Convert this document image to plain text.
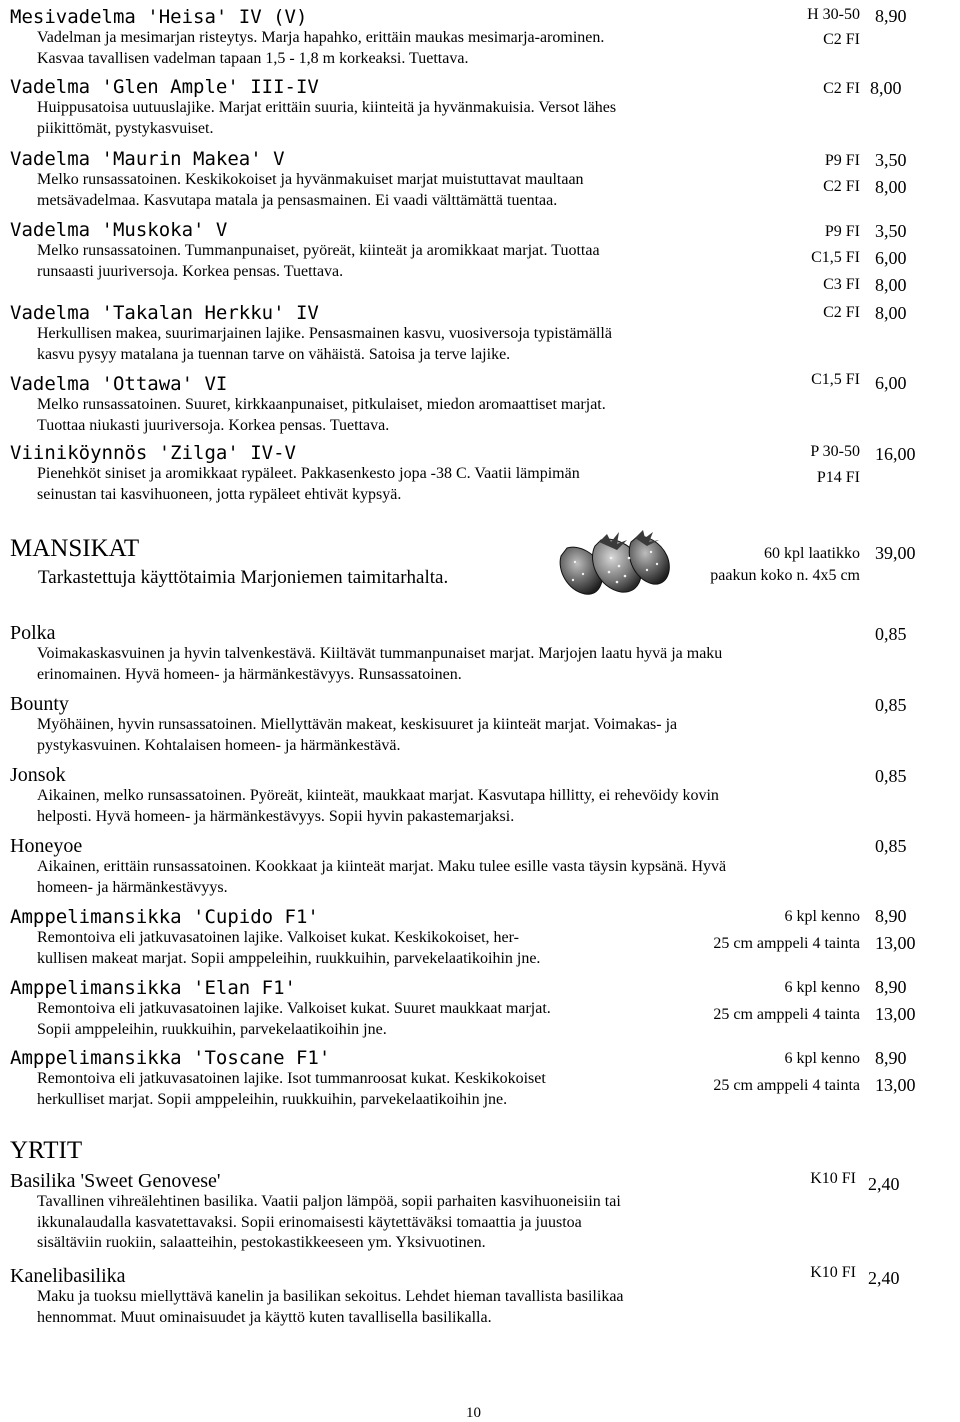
Mesivadelma 'Heisa' IV (V)
Vadelman ja mesimarjan risteytys. Marja hapahko, erittäin maukas mesimarja-arominen.
Kasvaa tavallisen vadelman tapaan 1,5 - 1,8 m korkeaksi. Tuettava.
H 30-50
C2 FI
8,90
Vadelma 'Glen Ample' III-IV
Huippusatoisa uutuuslajike. Marjat erittäin suuria, kiinteitä ja hyvänmakuisia. Versot lähes
piikittömät, pystykasvuiset.
C2 FI 8,00
Vadelma 'Maurin Makea' V
Melko runsassatoinen. Keskikokoiset ja hyvänmakuiset marjat muistuttavat maultaan
metsävadelmaa. Kasvutapa matala ja pensasmainen. Ei vaadi välttämättä tuentaa.
P9 FI
C2 FI
3,50
8,00
Vadelma 'Muskoka' V
Melko runsassatoinen. Tummanpunaiset, pyöreät, kiinteät ja aromikkaat marjat. Tuottaa
runsaasti juuriversoja. Korkea pensas. Tuettava.
P9 FI
C1,5 FI
C3 FI
3,50
6,00
8,00
Vadelma 'Takalan Herkku' IV
Herkullisen makea, suurimarjainen lajike. Pensasmainen kasvu, vuosiversoja typistämällä
kasvu pysyy matalana ja tuennan tarve on vähäistä. Satoisa ja terve lajike.
C2 FI 8,00
Vadelma 'Ottawa' VI
Melko runsassatoinen. Suuret, kirkkaanpunaiset, pitkulaiset, miedon aromaattiset marjat.
Tuottaa niukasti juuriversoja. Korkea pensas. Tuettava.
C1,5 FI 6,00
Viiniköynnös 'Zilga' IV-V
Pienehköt siniset ja aromikkaat rypäleet. Pakkasenkesto jopa -38 C. Vaatii lämpimän
seinustan tai kasvihuoneen, jotta rypäleet ehtivät kypsyä.
P 30-50
P14 FI
16,00
MANSIKAT
Tarkastettuja käyttötaimia Marjoniemen taimitarhalta.
60 kpl laatikko
paakun koko n. 4x5 cm
39,00
Polka
Voimakaskasvuinen ja hyvin talvenkestävä. Kiiltävät tummanpunaiset marjat. Marjojen laatu hyvä ja maku
erinomainen. Hyvä homeen- ja härmänkestävyys. Runsassatoinen.
0,85
Bounty
Myöhäinen, hyvin runsassatoinen. Miellyttävän makeat, keskisuuret ja kiinteät marjat. Voimakas- ja
pystykasvuinen. Kohtalaisen homeen- ja härmänkestävä.
0,85
Jonsok
Aikainen, melko runsassatoinen. Pyöreät, kiinteät, maukkaat marjat. Kasvutapa hillitty, ei rehevöidy kovin
helposti. Hyvä homeen- ja härmänkestävyys. Sopii hyvin pakastemarjaksi.
0,85
Honeyoe
Aikainen, erittäin runsassatoinen. Kookkaat ja kiinteät marjat. Maku tulee esille vasta täysin kypsänä. Hyvä
homeen- ja härmänkestävyys.
0,85
Amppelimansikka 'Cupido F1'
Remontoiva eli jatkuvasatoinen lajike. Valkoiset kukat. Keskikokoiset, her-
kullisen makeat marjat. Sopii amppeleihin, ruukkuihin, parvekelaatikoihin jne.
6 kpl kenno
25 cm amppeli 4 tainta
8,90
13,00
Amppelimansikka 'Elan F1'
Remontoiva eli jatkuvasatoinen lajike. Valkoiset kukat. Suuret maukkaat marjat.
Sopii amppeleihin, ruukkuihin, parvekelaatikoihin jne.
6 kpl kenno
25 cm amppeli 4 tainta
8,90
13,00
Amppelimansikka 'Toscane F1'
Remontoiva eli jatkuvasatoinen lajike. Isot tummanroosat kukat. Keskikokoiset
herkulliset marjat. Sopii amppeleihin, ruukkuihin, parvekelaatikoihin jne.
6 kpl kenno
25 cm amppeli 4 tainta
8,90
13,00
YRTIT
Basilika 'Sweet Genovese'
Tavallinen vihreälehtinen basilika. Vaatii paljon lämpöä, sopii parhaiten kasvihuoneisiin tai
ikkunalaudalla kasvatettavaksi. Sopii erinomaisesti käytettäväksi tomaattia ja juustoa
sisältäviin ruokiin, salaatteihin, pestokastikkeeseen ym. Yksivuotinen.
K10 FI 2,40
Kanelibasilika
Maku ja tuoksu miellyttävä kanelin ja basilikan sekoitus. Lehdet hieman tavallista basilikaa
hennommat. Muut ominaisuudet ja käyttö kuten tavallisella basilikalla.
K10 FI 2,40
10
